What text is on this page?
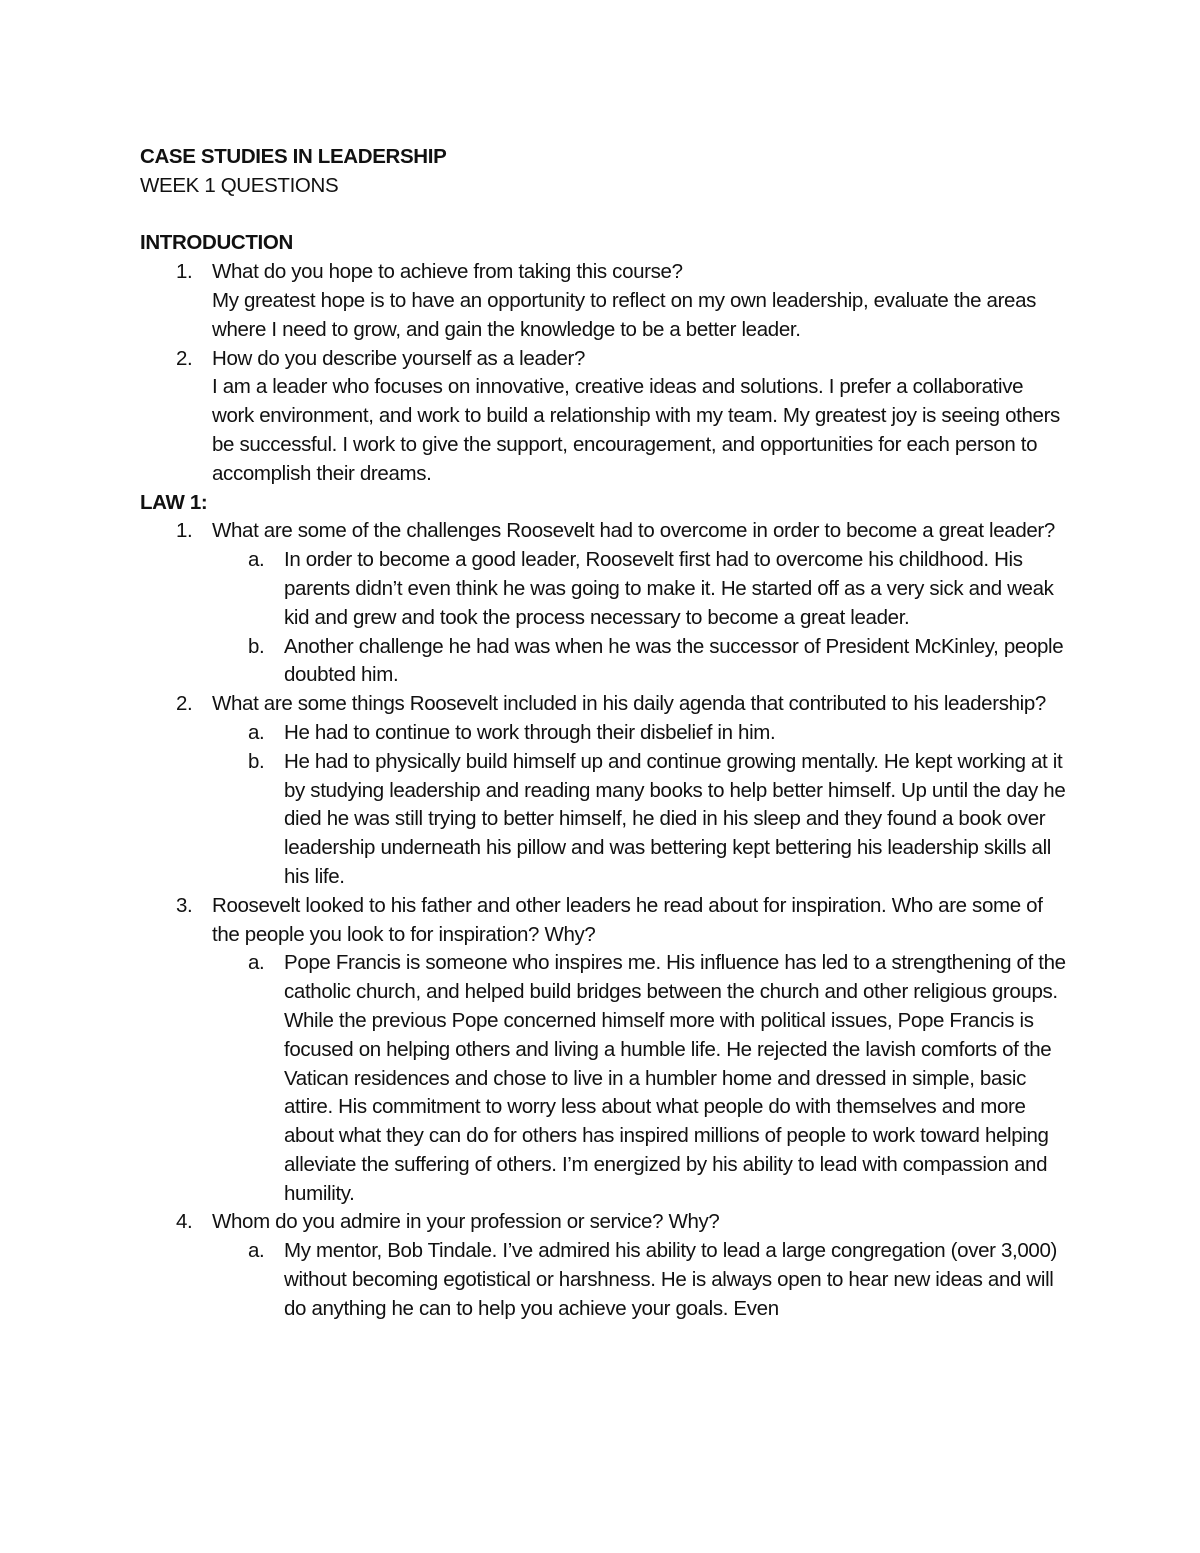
CASE STUDIES IN LEADERSHIP
WEEK 1 QUESTIONS
INTRODUCTION
1. What do you hope to achieve from taking this course?
My greatest hope is to have an opportunity to reflect on my own leadership, evaluate the areas where I need to grow, and gain the knowledge to be a better leader.
2. How do you describe yourself as a leader?
I am a leader who focuses on innovative, creative ideas and solutions. I prefer a collaborative work environment, and work to build a relationship with my team. My greatest joy is seeing others be successful. I work to give the support, encouragement, and opportunities for each person to accomplish their dreams.
LAW 1:
1. What are some of the challenges Roosevelt had to overcome in order to become a great leader?
a. In order to become a good leader, Roosevelt first had to overcome his childhood. His parents didn’t even think he was going to make it. He started off as a very sick and weak kid and grew and took the process necessary to become a great leader.
b. Another challenge he had was when he was the successor of President McKinley, people doubted him.
2. What are some things Roosevelt included in his daily agenda that contributed to his leadership?
a. He had to continue to work through their disbelief in him.
b. He had to physically build himself up and continue growing mentally. He kept working at it by studying leadership and reading many books to help better himself. Up until the day he died he was still trying to better himself, he died in his sleep and they found a book over leadership underneath his pillow and was bettering kept bettering his leadership skills all his life.
3. Roosevelt looked to his father and other leaders he read about for inspiration. Who are some of the people you look to for inspiration? Why?
a. Pope Francis is someone who inspires me. His influence has led to a strengthening of the catholic church, and helped build bridges between the church and other religious groups. While the previous Pope concerned himself more with political issues, Pope Francis is focused on helping others and living a humble life. He rejected the lavish comforts of the Vatican residences and chose to live in a humbler home and dressed in simple, basic attire. His commitment to worry less about what people do with themselves and more about what they can do for others has inspired millions of people to work toward helping alleviate the suffering of others. I’m energized by his ability to lead with compassion and humility.
4. Whom do you admire in your profession or service? Why?
a. My mentor, Bob Tindale. I’ve admired his ability to lead a large congregation (over 3,000) without becoming egotistical or harshness. He is always open to hear new ideas and will do anything he can to help you achieve your goals. Even
